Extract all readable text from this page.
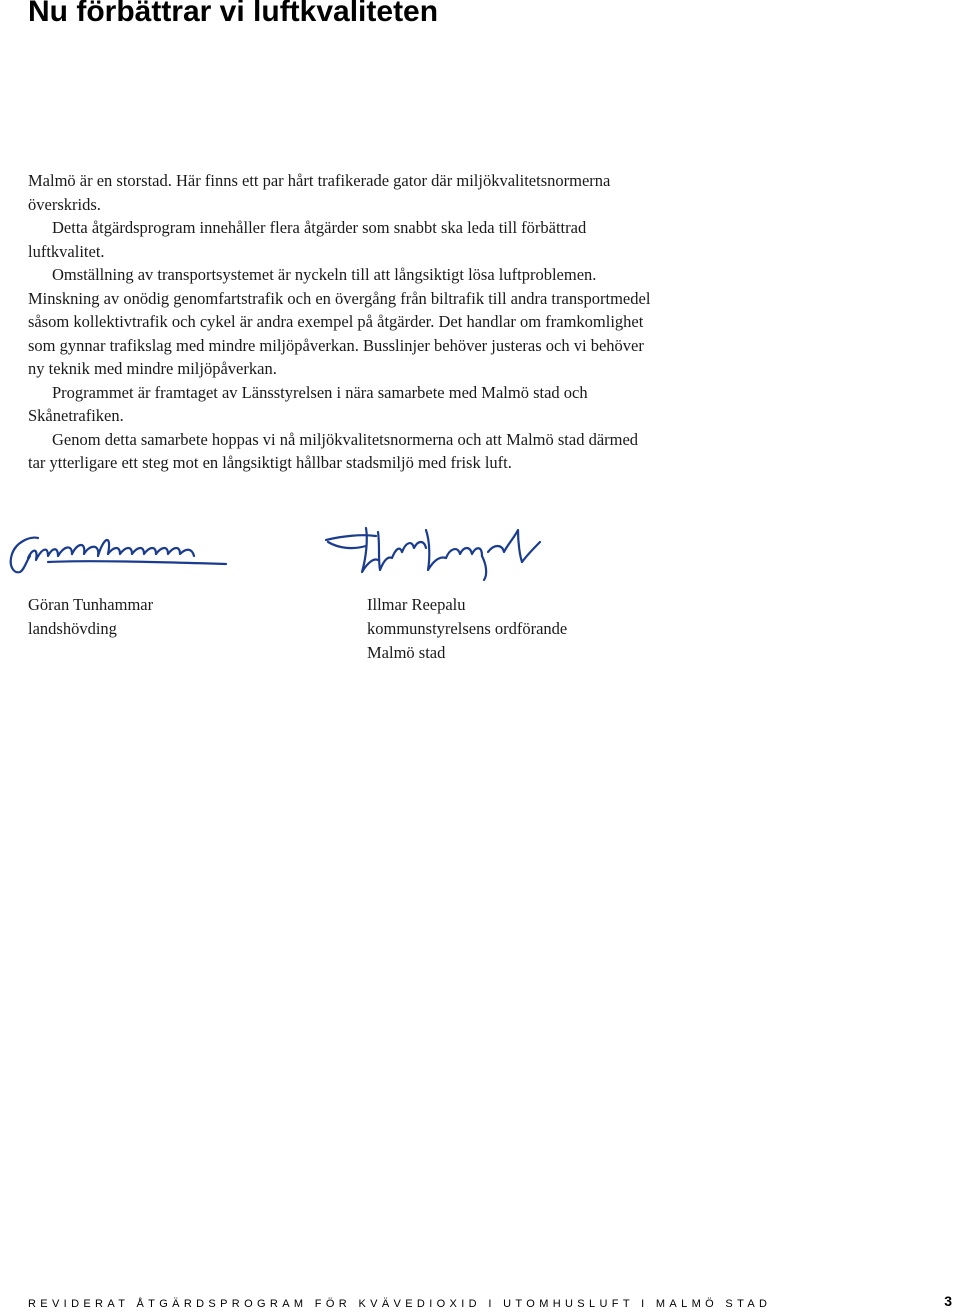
Nu förbättrar vi luftkvaliteten

Malmö är en storstad. Här finns ett par hårt trafikerade gator där miljökvalitetsnormerna överskrids.

Detta åtgärdsprogram innehåller flera åtgärder som snabbt ska leda till förbättrad luftkvalitet.

Omställning av transportsystemet är nyckeln till att långsiktigt lösa luftproblemen.
Minskning av onödig genomfartstrafik och en övergång från biltrafik till andra transportmedel såsom kollektivtrafik och cykel är andra exempel på åtgärder. Det handlar om framkomlighet som gynnar trafikslag med mindre miljöpåverkan. Busslinjer behöver justeras och vi behöver ny teknik med mindre miljöpåverkan.

Programmet är framtaget av Länsstyrelsen i nära samarbete med Malmö stad och Skånetrafiken.

Genom detta samarbete hoppas vi nå miljökvalitetsnormerna och att Malmö stad därmed tar ytterligare ett steg mot en långsiktigt hållbar stadsmiljö med frisk luft.

Göran Tunhammar
landshövding
Illmar Reepalu
kommunstyrelsens ordförande
Malmö stad
REVIDERAT ÅTGÄRDSPROGRAM FÖR KVÄVEDIOXID I UTOMHUSLUFT I MALMÖ STAD	3
